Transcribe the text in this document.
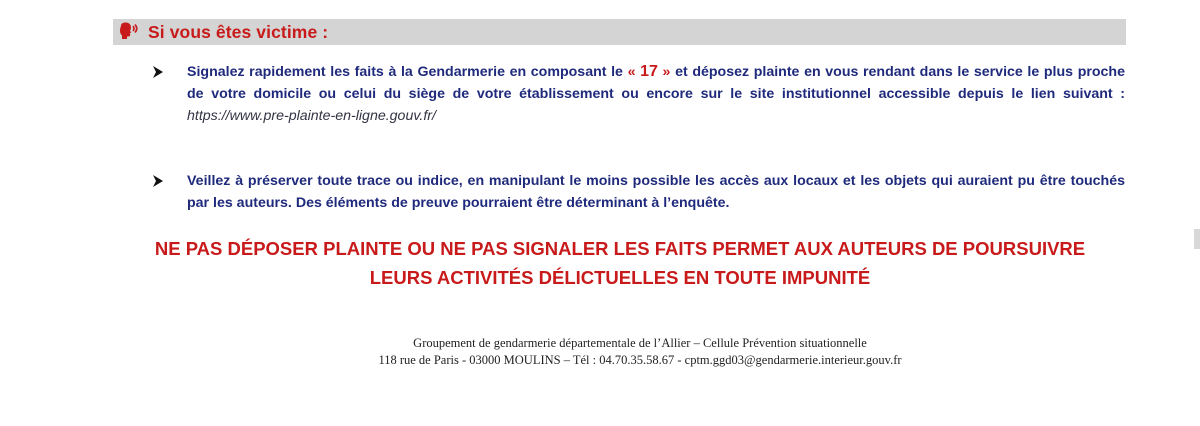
Si vous êtes victime :
Signalez rapidement les faits à la Gendarmerie en composant le « 17 » et déposez plainte en vous rendant dans le service le plus proche de votre domicile ou celui du siège de votre établissement ou encore sur le site institutionnel accessible depuis le lien suivant : https://www.pre-plainte-en-ligne.gouv.fr/
Veillez à préserver toute trace ou indice, en manipulant le moins possible les accès aux locaux et les objets qui auraient pu être touchés par les auteurs. Des éléments de preuve pourraient être déterminant à l’enquête.
NE PAS DÉPOSER PLAINTE OU NE PAS SIGNALER LES FAITS PERMET AUX AUTEURS DE POURSUIVRE
LEURS ACTIVITÉS DÉLICTUELLES EN TOUTE IMPUNITÉ
Groupement de gendarmerie départementale de l’Allier – Cellule Prévention situationnelle
118 rue de Paris - 03000 MOULINS – Tél : 04.70.35.58.67 - cptm.ggd03@gendarmerie.interieur.gouv.fr
